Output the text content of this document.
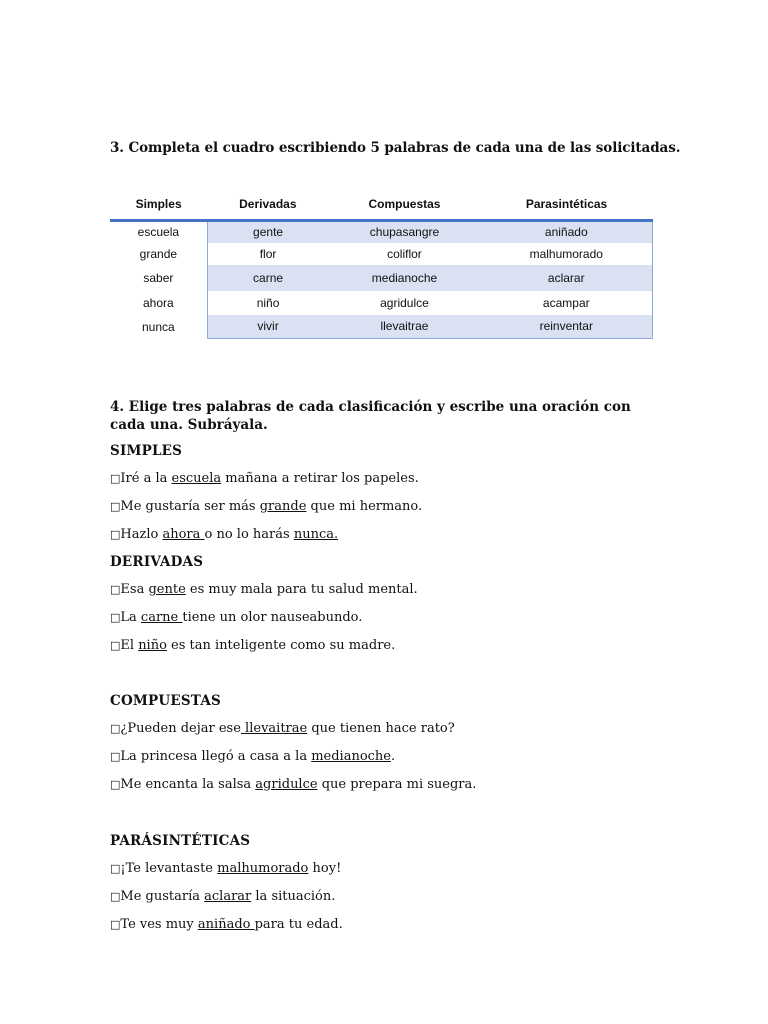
3. Completa el cuadro escribiendo 5 palabras de cada una de las solicitadas.

Simples	Derivadas	Compuestas	Parasintéticas
escuela	gente	chupasangre	aniñado
grande	flor	coliflor	malhumorado
saber	carne	medianoche	aclarar
ahora	niño	agridulce	acampar
nunca	vivir	llevaitrae	reinventar

4. Elige tres palabras de cada clasificación y escribe una oración con cada una. Subráyala.

SIMPLES

□Iré a la escuela mañana a retirar los papeles.

□Me gustaría ser más grande que mi hermano.

□Hazlo ahora o no lo harás nunca.

DERIVADAS

□Esa gente es muy mala para tu salud mental.

□La carne tiene un olor nauseabundo.

□El niño es tan inteligente como su madre.

COMPUESTAS

□¿Pueden dejar ese llevaitrae que tienen hace rato?

□La princesa llegó a casa a la medianoche.

□Me encanta la salsa agridulce que prepara mi suegra.

PARÁSINTÉTICAS

□¡Te levantaste malhumorado hoy!

□Me gustaría aclarar la situación.

□Te ves muy aniñado para tu edad.
